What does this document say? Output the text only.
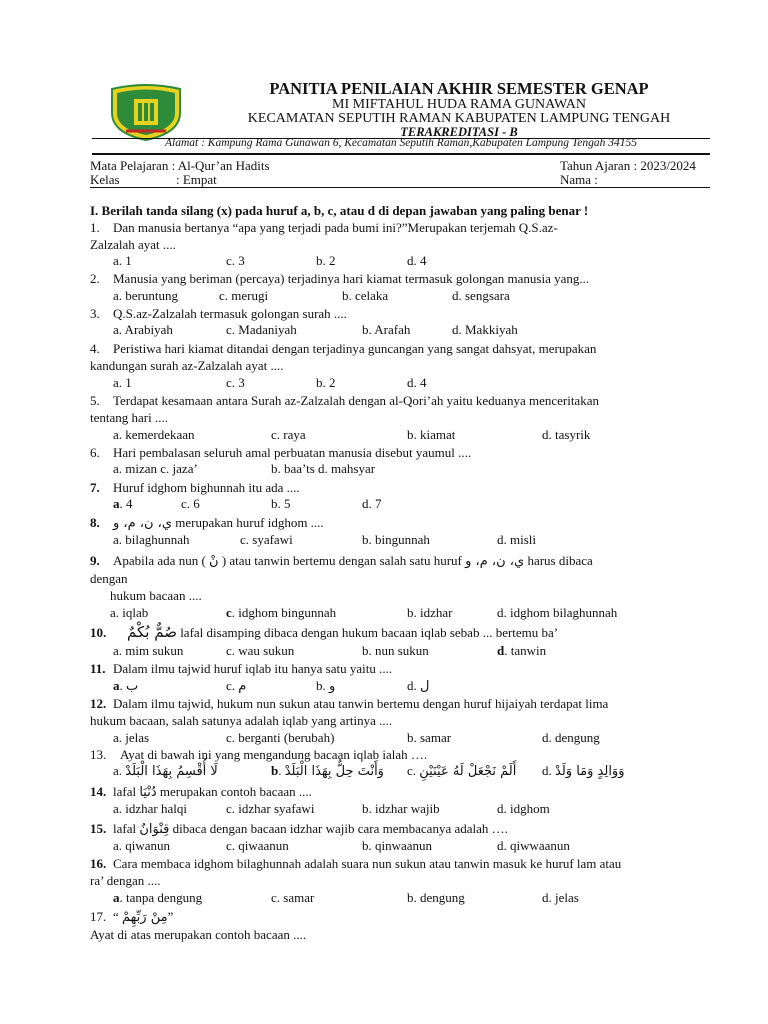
PANITIA PENILAIAN AKHIR SEMESTER GENAP
MI MIFTAHUL HUDA RAMA GUNAWAN
KECAMATAN SEPUTIH RAMAN KABUPATEN LAMPUNG TENGAH
TERAKREDITASI - B
Alamat : Kampung Rama Gunawan 6, Kecamatan Seputih Raman,Kabupaten Lampung Tengah 34155
Mata Pelajaran : Al-Qur’an Hadits
Kelas	: Empat
Tahun Ajaran : 2023/2024
Nama :
I. Berilah tanda silang (x) pada huruf a, b, c, atau d di depan jawaban yang paling benar !
1. Dan manusia bertanya “apa yang terjadi pada bumi ini?”Merupakan terjemah Q.S.az-
Zalzalah ayat ....
a. 1	c. 3	b. 2	d. 4
2. Manusia yang beriman (percaya) terjadinya hari kiamat termasuk golongan manusia yang...
a. beruntung	c. merugi	b. celaka	d. sengsara
3. Q.S.az-Zalzalah termasuk golongan surah ....
a. Arabiyah	c. Madaniyah	b. Arafah	d. Makkiyah
4. Peristiwa hari kiamat ditandai dengan terjadinya guncangan yang sangat dahsyat, merupakan
kandungan surah az-Zalzalah ayat ....
a. 1	c. 3	b. 2	d. 4
5. Terdapat kesamaan antara Surah az-Zalzalah dengan al-Qori’ah yaitu keduanya menceritakan
tentang hari ....
a. kemerdekaan	c. raya	b. kiamat	d. tasyrik
6. Hari pembalasan seluruh amal perbuatan manusia disebut yaumul ....
a. mizan c. jaza’	b. baa’ts d. mahsyar
7. Huruf idghom bighunnah itu ada ....
a. 4	c. 6	b. 5	d. 7
8. ي، ن، م، و merupakan huruf idghom ....
a. bilaghunnah	c. syafawi	b. bingunnah	d. misli
9. Apabila ada nun ( نْ ) atau tanwin bertemu dengan salah satu huruf ي، ن، م، و harus dibaca
dengan
hukum bacaan ....
a. iqlab	c. idghom bingunnah	b. idzhar	d. idghom bilaghunnah
10. صُمٌّ بُكْمٌ lafal disamping dibaca dengan hukum bacaan iqlab sebab ... bertemu ba’
a. mim sukun	c. wau sukun	b. nun sukun	d. tanwin
11. Dalam ilmu tajwid huruf iqlab itu hanya satu yaitu ....
a. ب	c. م	b. و	d. ل
12. Dalam ilmu tajwid, hukum nun sukun atau tanwin bertemu dengan huruf hijaiyah terdapat lima
hukum bacaan, salah satunya adalah iqlab yang artinya ....
a. jelas	c. berganti (berubah)	b. samar	d. dengung
13. Ayat di bawah ini yang mengandung bacaan iqlab ialah ….
a. لَا أُقْسِمُ بِهَذَا الْبَلَدْ	b. وَأَنْتَ حِلٌّ بِهَذَا الْبَلَدْ c. أَلَمْ نَجْعَلْ لَهُ عَيْنَيْنِ d. وَوَالِدٍ وَمَا وَلَدْ
14. lafal دُنْيَا merupakan contoh bacaan ....
a. idzhar halqi	c. idzhar syafawi	b. idzhar wajib	d. idghom
15. lafal قِنْوَانٌ dibaca dengan bacaan idzhar wajib cara membacanya adalah ….
a. qiwanun	c. qiwaanun	b. qinwaanun	d. qiwwaanun
16. Cara membaca idghom bilaghunnah adalah suara nun sukun atau tanwin masuk ke huruf lam atau
ra’ dengan ....
a. tanpa dengung	c. samar	b. dengung	d. jelas
17. “ مِنْ رَبِّهِمْ”
Ayat di atas merupakan contoh bacaan ....
